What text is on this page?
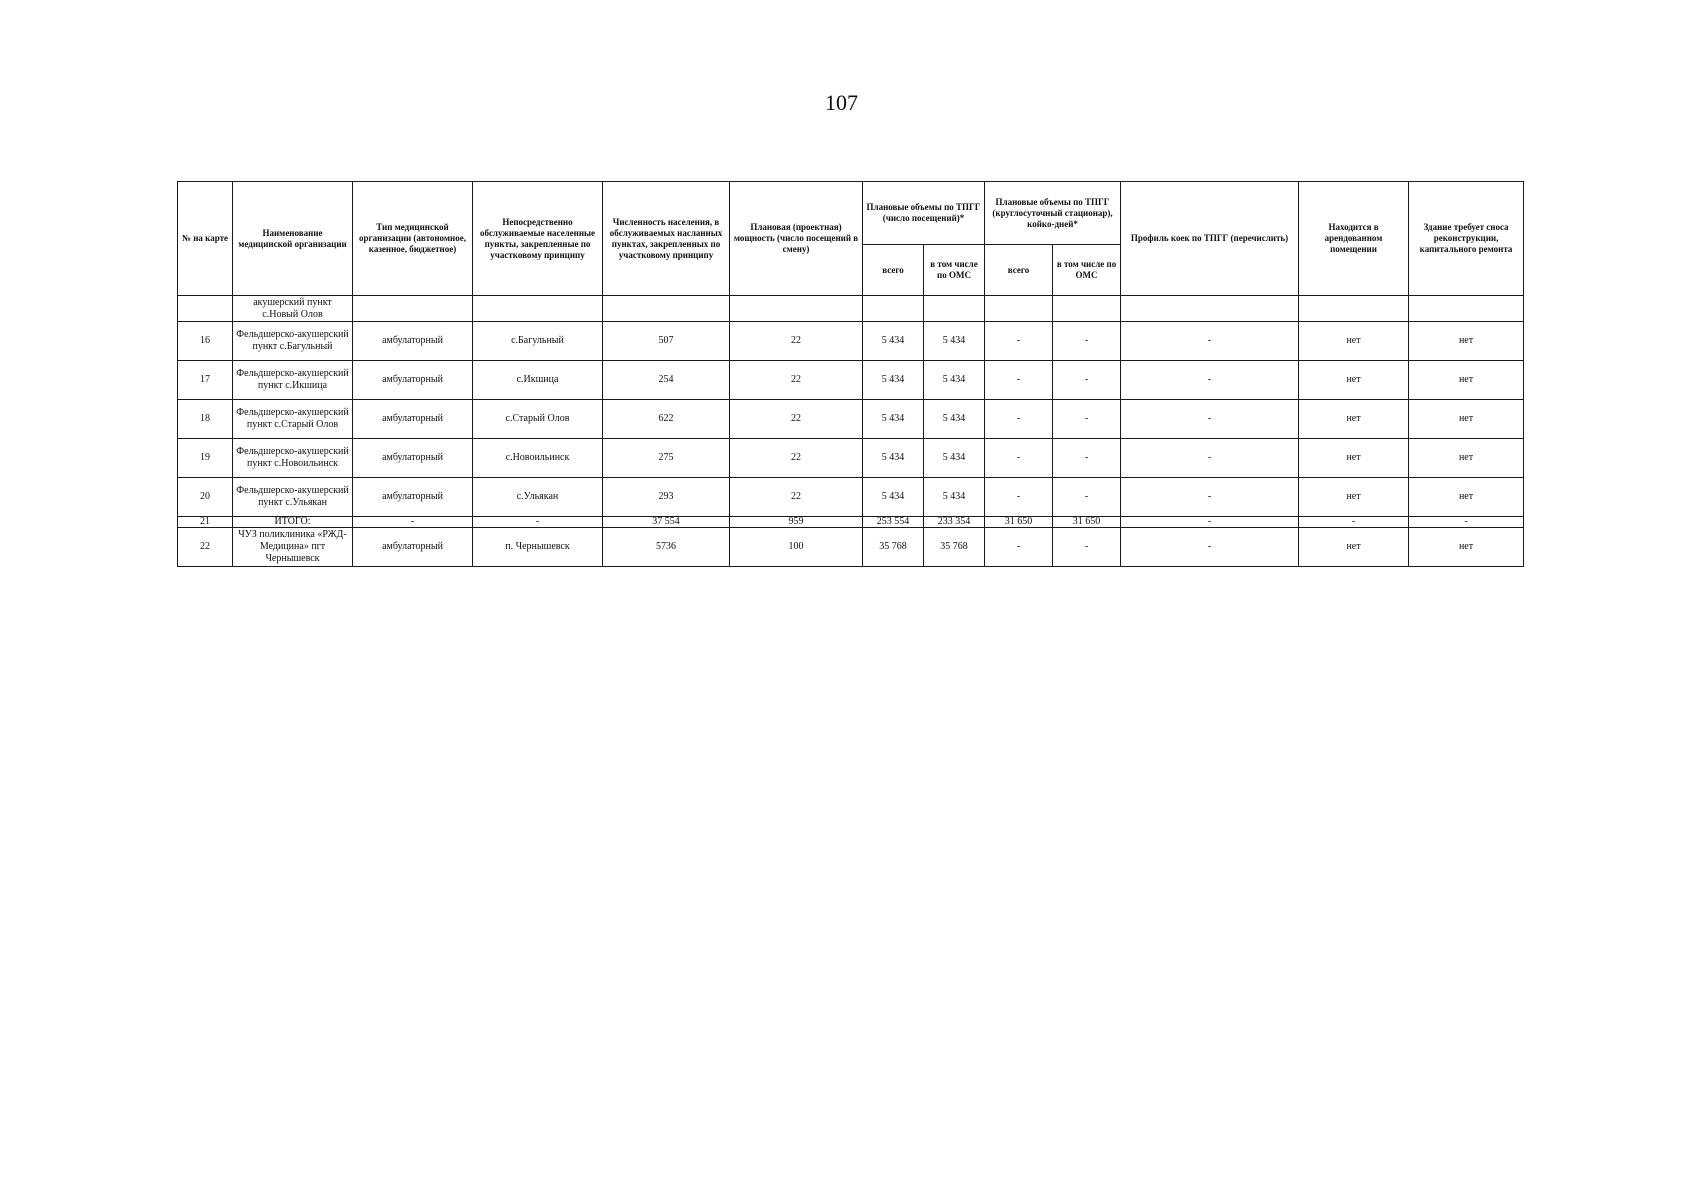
107
№ на карте	Наименование медицинской организации	Тип медицинской организации (автономное, казенное, бюджетное)	Непосредственно обслуживаемые населенные пункты, закрепленные по участковому принципу	Численность населения, в обслуживаемых насланных пунктах, закрепленных по участковому принципу	Плановая (проектная) мощность (число посещений в смену)	Плановые объемы по ТПГГ (число посещений)*		Плановые объемы по ТПГГ (круглосуточный стационар), койко-дней*		Профиль коек по ТПГГ (перечислить)	Находится в арендованном помещении	Здание требует сноса реконструкции, капитального ремонта
						всего	в том числе по ОМС	всего	в том числе по ОМС			
	акушерский пункт с.Новый Олов											
16	Фельдшерско-акушерский пункт с.Багульный	амбулаторный	с.Багульный	507	22	5 434	5 434	-	-	-	нет	нет
17	Фельдшерско-акушерский пункт с.Икшица	амбулаторный	с.Икшица	254	22	5 434	5 434	-	-	-	нет	нет
18	Фельдшерско-акушерский пункт с.Старый Олов	амбулаторный	с.Старый Олов	622	22	5 434	5 434	-	-	-	нет	нет
19	Фельдшерско-акушерский пункт с.Новоильинск	амбулаторный	с.Новоильинск	275	22	5 434	5 434	-	-	-	нет	нет
20	Фельдшерско-акушерский пункт с.Ульякан	амбулаторный	с.Ульякан	293	22	5 434	5 434	-	-	-	нет	нет
21	ИТОГО:	-	-	37 554	959	253 554	233 354	31 650	31 650	-	-	-
22	ЧУЗ поликлиника «РЖД-Медицина» пгт Чернышевск	амбулаторный	п. Чернышевск	5736	100	35 768	35 768	-	-	-	нет	нет
